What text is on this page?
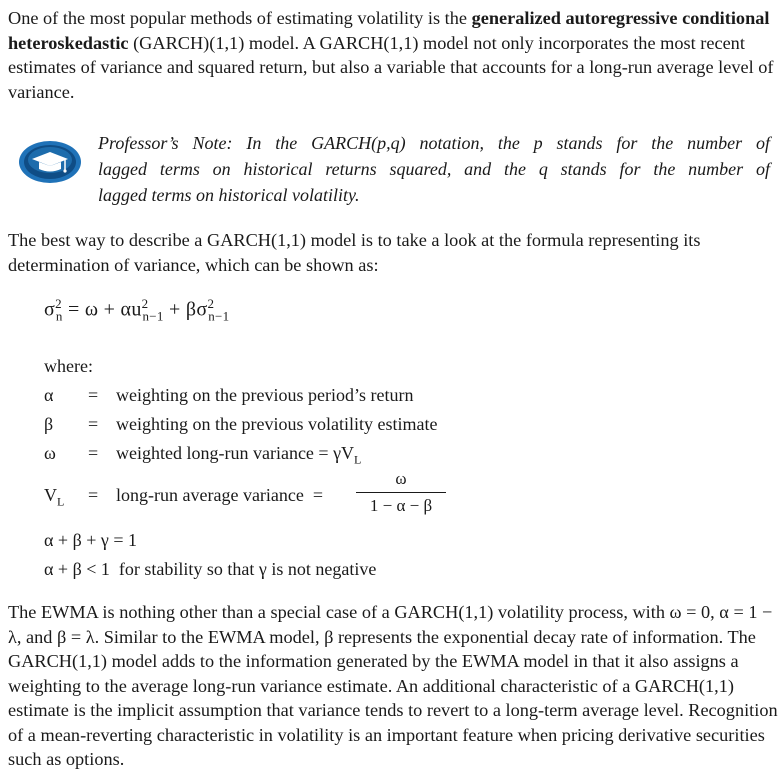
One of the most popular methods of estimating volatility is the generalized autoregressive conditional heteroskedastic (GARCH)(1,1) model. A GARCH(1,1) model not only incorporates the most recent estimates of variance and squared return, but also a variable that accounts for a long-run average level of variance.

Professor’s Note: In the GARCH(p,q) notation, the p stands for the number of
lagged terms on historical returns squared, and the q stands for the number of
lagged terms on historical volatility.

The best way to describe a GARCH(1,1) model is to take a look at the formula representing its determination of variance, which can be shown as:

$\sigma^2_n = \omega + \alpha u^2_{n-1} + \beta\sigma^2_{n-1}$
where:
α	= weighting on the previous period’s return
β	= weighting on the previous volatility estimate
ω	= weighted long-run variance = $\gamma V_L$
$V_L$	= long-run average variance  =
ω
1 − α − β
α + β + γ = 1
α + β < 1  for stability so that γ is not negative

The EWMA is nothing other than a special case of a GARCH(1,1) volatility process, with ω = 0, α = 1 − λ, and β = λ. Similar to the EWMA model, β represents the exponential decay rate of information. The GARCH(1,1) model adds to the information generated by the EWMA model in that it also assigns a weighting to the average long-run variance estimate. An additional characteristic of a GARCH(1,1) estimate is the implicit assumption that variance tends to revert to a long-term average level. Recognition of a mean-reverting characteristic in volatility is an important feature when pricing derivative securities such as options.
